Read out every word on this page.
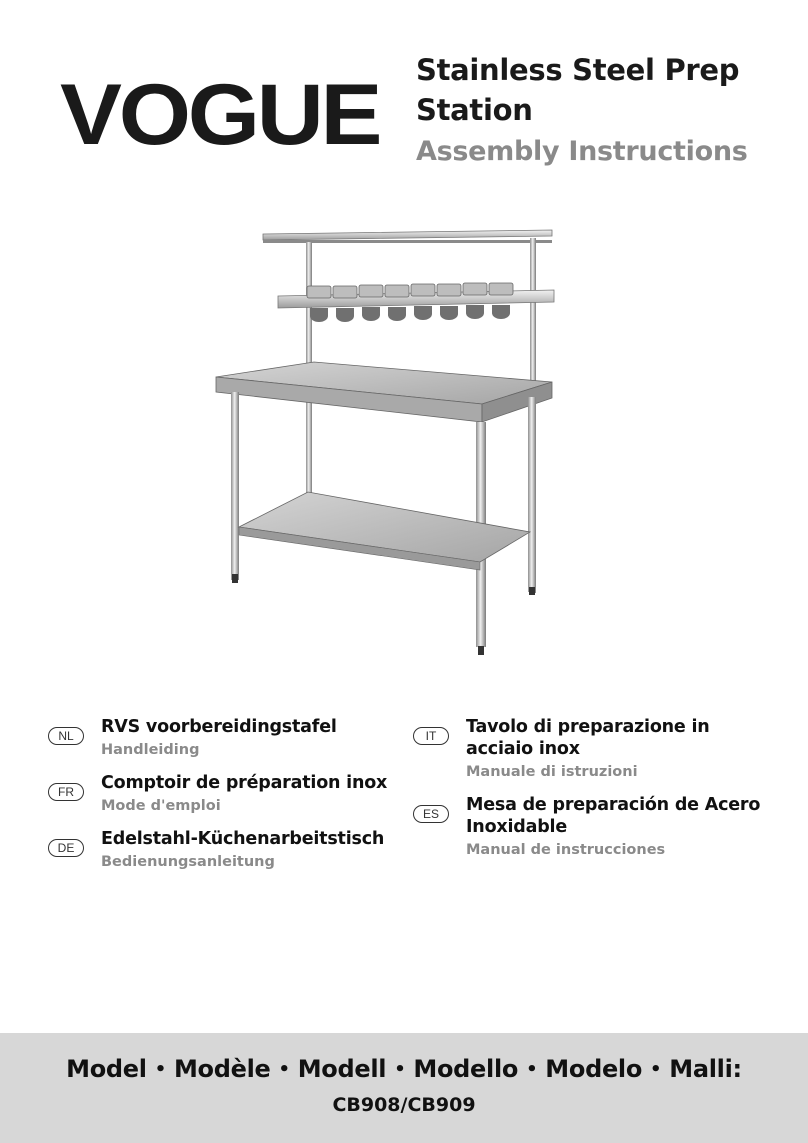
VOGUE Stainless Steel Prep
Station
Assembly Instructions
NL	RVS voorbereidingstafel
Handleiding
FR	Comptoir de préparation inox
Mode d'emploi
DE	Edelstahl-Küchenarbeitstisch
Bedienungsanleitung
IT	Tavolo di preparazione in acciaio inox
Manuale di istruzioni
ES	Mesa de preparación de Acero Inoxidable
Manual de instrucciones
Model • Modèle • Modell • Modello • Modelo • Malli:
CB908/CB909
